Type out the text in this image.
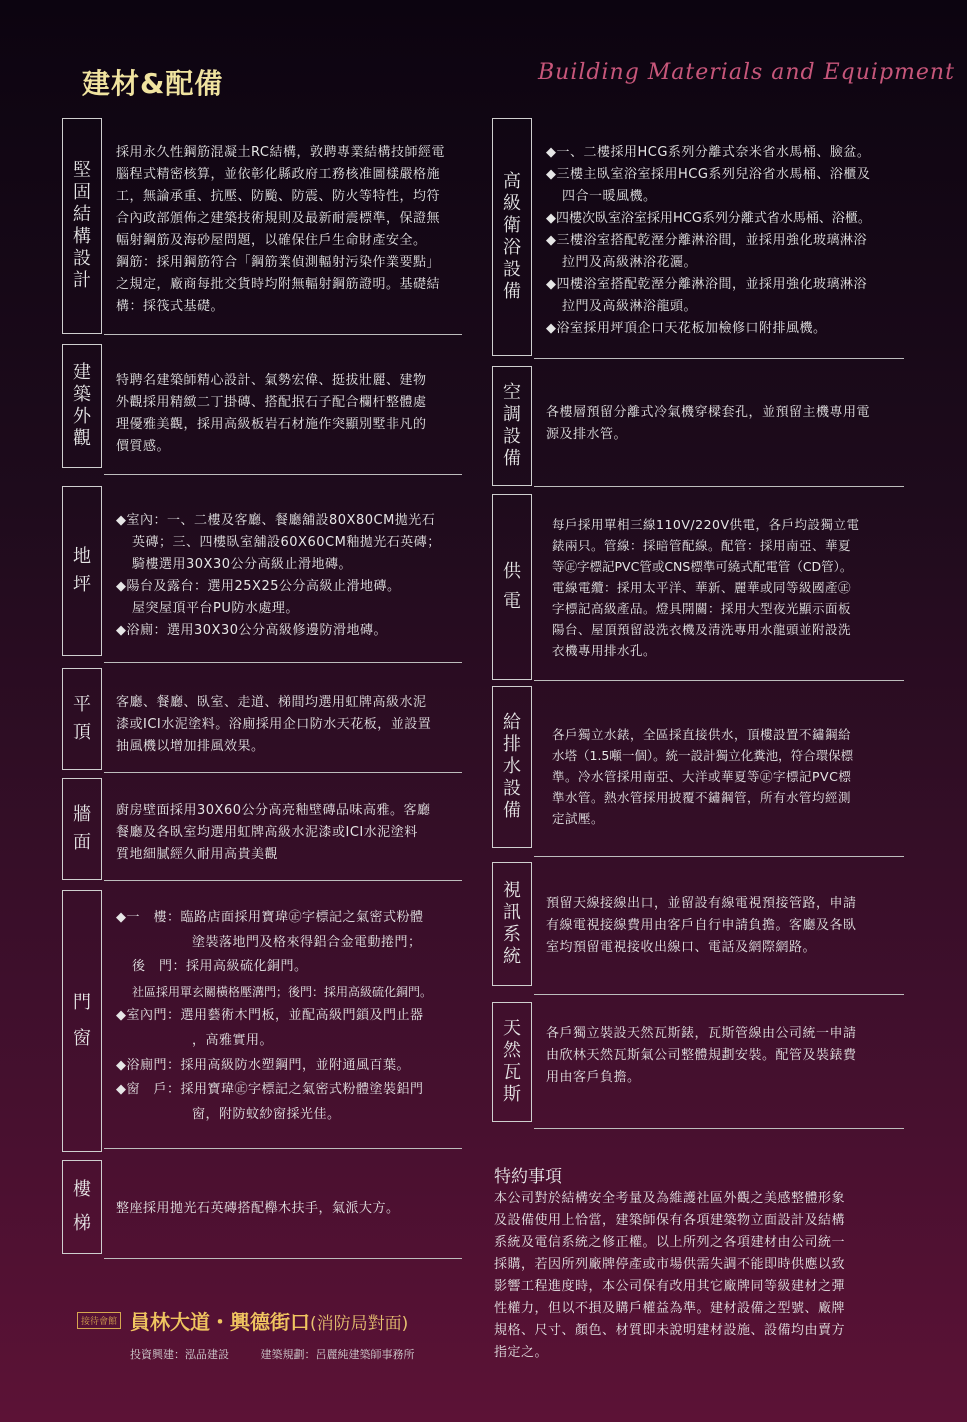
建材&配備	Building Materials and Equipment
堅
固
結
構
設
計

採用永久性鋼筋混凝土RC結構，敦聘專業結構技師經電

腦程式精密核算，並依彰化縣政府工務核准圖樣嚴格施

工，無論承重、抗壓、防颱、防震、防火等特性，均符

合內政部頒佈之建築技術規則及最新耐震標準，保證無

幅射鋼筋及海砂屋問題，以確保住戶生命財產安全。

鋼筋：採用鋼筋符合「鋼筋業偵測輻射污染作業要點」

之規定，廠商每批交貨時均附無輻射鋼筋證明。基礎結

構：採筏式基礎。

建
築
外
觀

特聘名建築師精心設計、氣勢宏偉、挺拔壯麗、建物

外觀採用精緻二丁掛磚、搭配抿石子配合欄杆整體處

理優雅美觀，採用高級板岩石材施作突顯別墅非凡的

價質感。

地
坪

◆室內：一、二樓及客廳、餐廳舖設80X80CM拋光石

英磚；三、四樓臥室舖設60X60CM釉拋光石英磚；

騎樓選用30X30公分高級止滑地磚。

◆陽台及露台：選用25X25公分高級止滑地磚。

屋突屋頂平台PU防水處理。

◆浴廁：選用30X30公分高級修邊防滑地磚。

平
頂

客廳、餐廳、臥室、走道、梯間均選用虹牌高級水泥

漆或ICI水泥塗料。浴廁採用企口防水天花板，並設置

抽風機以增加排風效果。

牆
面

廚房壁面採用30X60公分高亮釉壁磚品味高雅。客廳

餐廳及各臥室均選用虹牌高級水泥漆或ICI水泥塗料

質地細膩經久耐用高貴美觀

門
窗

◆一　樓：臨路店面採用寶瑋㊣字標記之氣密式粉體

塗裝落地門及格來得鋁合金電動捲門；

後　門：採用高級硫化銅門。

社區採用單玄關橫格壓溝門；後門：採用高級硫化銅門。

◆室內門：選用藝術木門板，並配高級門鎖及門止器

，高雅實用。

◆浴廁門：採用高級防水塑鋼門，並附通風百葉。

◆窗　戶：採用寶瑋㊣字標記之氣密式粉體塗裝鋁門

窗，附防蚊紗窗採光佳。

樓
梯

整座採用拋光石英磚搭配櫸木扶手，氣派大方。

高
級
衛
浴
設
備

◆一、二樓採用HCG系列分離式奈米省水馬桶、臉盆。

◆三樓主臥室浴室採用HCG系列兒浴省水馬桶、浴櫃及

四合一暖風機。

◆四樓次臥室浴室採用HCG系列分離式省水馬桶、浴櫃。

◆三樓浴室搭配乾溼分離淋浴間，並採用強化玻璃淋浴

拉門及高級淋浴花灑。

◆四樓浴室搭配乾溼分離淋浴間，並採用強化玻璃淋浴

拉門及高級淋浴龍頭。

◆浴室採用坪頂企口天花板加檢修口附排風機。

空
調
設
備

各樓層預留分離式冷氣機穿樑套孔，並預留主機專用電

源及排水管。

供
電

每戶採用單相三線110V/220V供電，各戶均設獨立電

錶兩只。管線：採暗管配線。配管：採用南亞、華夏

等㊣字標記PVC管或CNS標準可繞式配電管（CD管）。

電線電纜：採用太平洋、華新、麗華或同等級國產㊣

字標記高級產品。燈具開關：採用大型夜光顯示面板

陽台、屋頂預留設洗衣機及清洗專用水龍頭並附設洗

衣機專用排水孔。

給
排
水
設
備

各戶獨立水錶，全區採直接供水，頂樓設置不鏽鋼給

水塔（1.5噸一個）。統一設計獨立化糞池，符合環保標

準。冷水管採用南亞、大洋或華夏等㊣字標記PVC標

準水管。熱水管採用披覆不鏽鋼管，所有水管均經測

定試壓。

視
訊
系
統

預留天線接線出口，並留設有線電視預接管路，申請

有線電視接線費用由客戶自行申請負擔。客廳及各臥

室均預留電視接收出線口、電話及網際網路。

天
然
瓦
斯

各戶獨立裝設天然瓦斯錶，瓦斯管線由公司統一申請

由欣林天然瓦斯氣公司整體規劃安裝。配管及裝錶費

用由客戶負擔。

特約事項
本公司對於結構安全考量及為維護社區外觀之美感整體形象
及設備使用上恰當，建築師保有各項建築物立面設計及結構
系統及電信系統之修正權。以上所列之各項建材由公司統一
採購，若因所列廠牌停產或市場供需失調不能即時供應以致
影響工程進度時，本公司保有改用其它廠牌同等級建材之彈
性權力，但以不損及購戶權益為準。建材設備之型號、廠牌
規格、尺寸、顏色、材質即未說明建材設施、設備均由賣方
指定之。
接待會館 員林大道・興德街口(消防局對面)
投資興建：泓品建設	建築規劃：呂麗純建築師事務所
